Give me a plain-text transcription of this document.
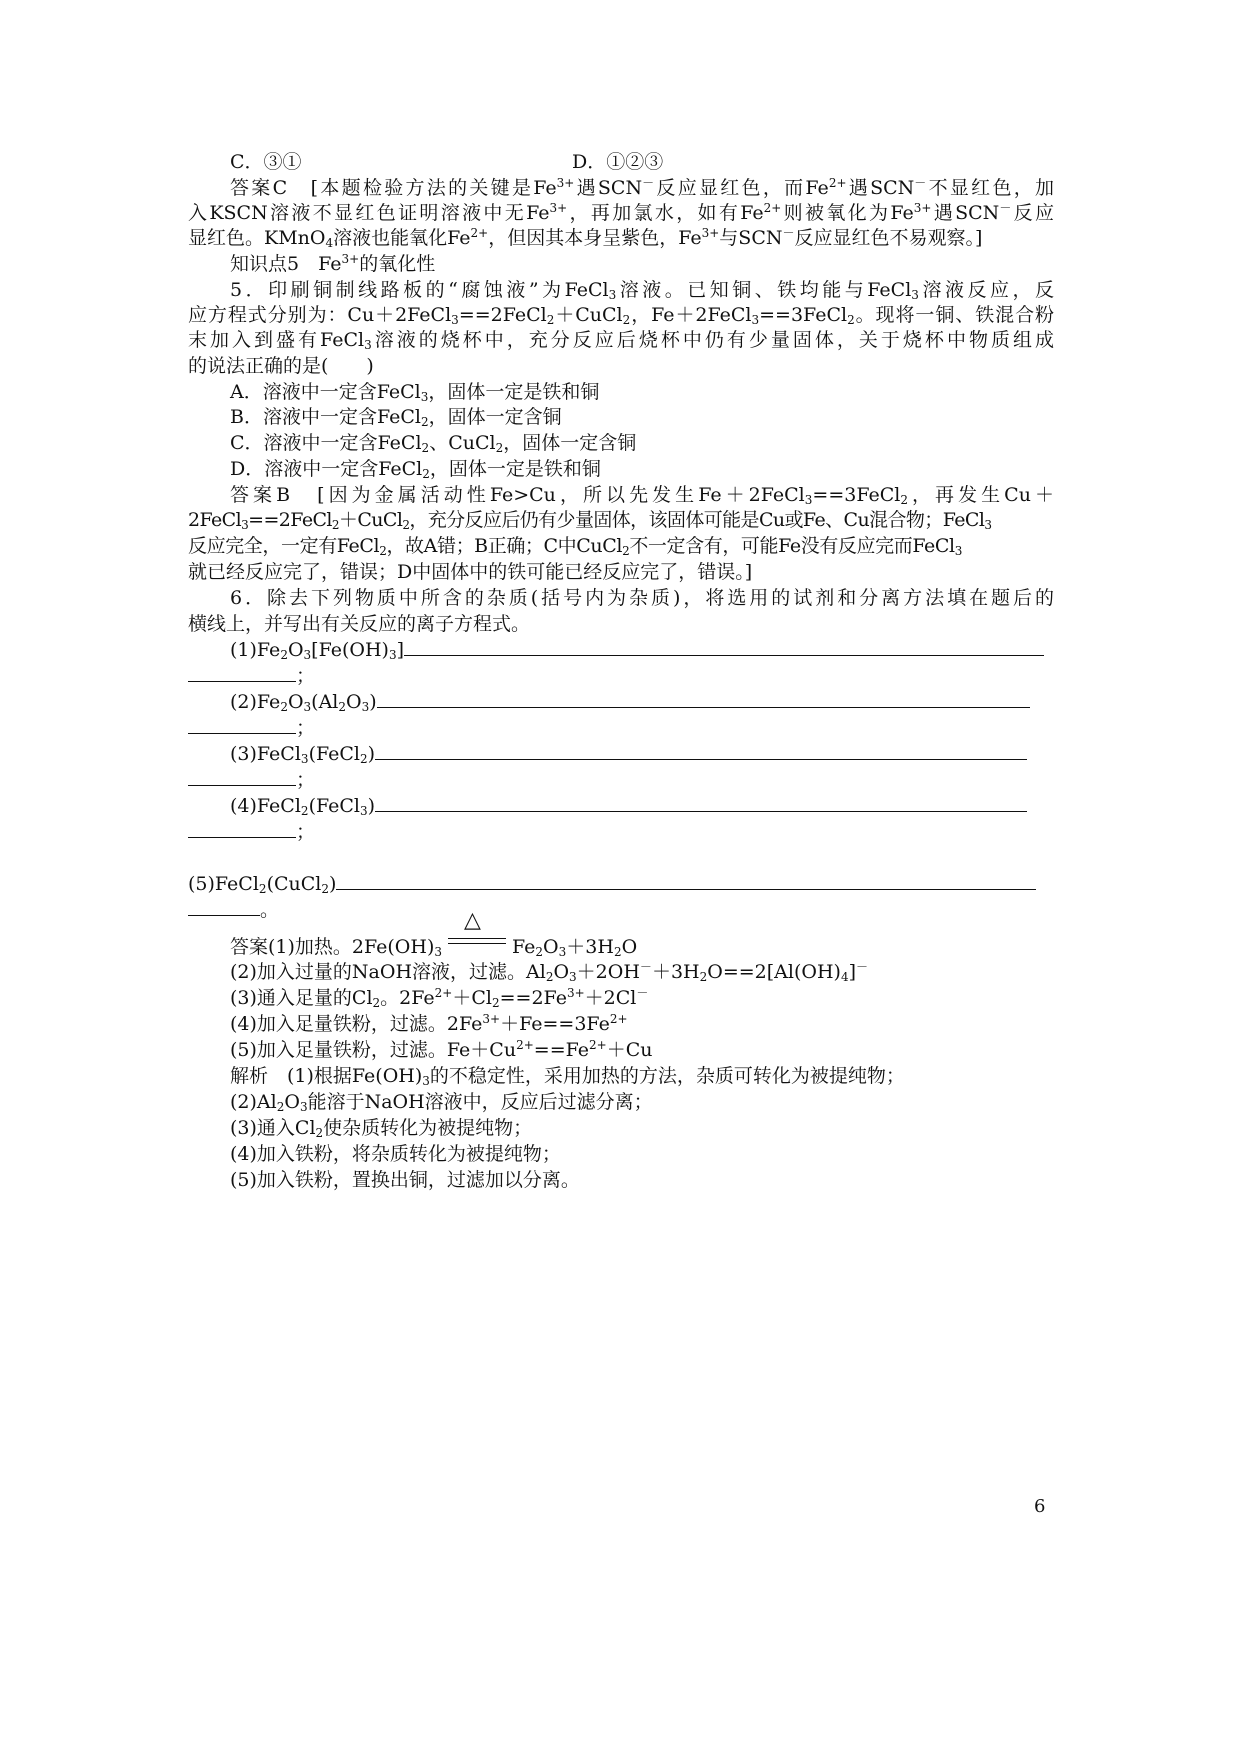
C．③①	D．①②③
答案C　[本题检验方法的关键是$Fe^{3+}$遇SCN－反应显红色，而$Fe^{2+}$遇SCN－不显红色，加
入KSCN溶液不显红色证明溶液中无$Fe^{3+}$，再加氯水，如有$Fe^{2+}$则被氧化为$Fe^{3+}$遇SCN－反应
显红色。KMnO$_4$溶液也能氧化$Fe^{2+}$，但因其本身呈紫色，$Fe^{3+}$与SCN－反应显红色不易观察。]
知识点5　$Fe^{3+}$的氧化性
5．印刷铜制线路板的“腐蚀液”为FeCl$_3$溶液。已知铜、铁均能与FeCl$_3$溶液反应，反
应方程式分别为：Cu＋2FeCl$_3$==2FeCl$_2$＋CuCl$_2$，Fe＋2FeCl$_3$==3FeCl$_2$。现将一铜、铁混合粉
末加入到盛有FeCl$_3$溶液的烧杯中，充分反应后烧杯中仍有少量固体，关于烧杯中物质组成
的说法正确的是(　　)
A．溶液中一定含FeCl$_3$，固体一定是铁和铜
B．溶液中一定含FeCl$_2$，固体一定含铜
C．溶液中一定含FeCl$_2$、CuCl$_2$，固体一定含铜
D．溶液中一定含FeCl$_2$，固体一定是铁和铜
答案B　[因为金属活动性Fe>Cu，所以先发生Fe＋2FeCl$_3$==3FeCl$_2$，再发生Cu＋
2FeCl$_3$==2FeCl$_2$＋CuCl$_2$，充分反应后仍有少量固体，该固体可能是Cu或Fe、Cu混合物；FeCl$_3$
反应完全，一定有FeCl$_2$，故A错；B正确；C中CuCl$_2$不一定含有，可能Fe没有反应完而FeCl$_3$
就已经反应完了，错误；D中固体中的铁可能已经反应完了，错误。]
6．除去下列物质中所含的杂质(括号内为杂质)，将选用的试剂和分离方法填在题后的
横线上，并写出有关反应的离子方程式。
$(1)Fe_2O_3[Fe(OH)_3]$
；
$(2)Fe_2O_3(Al_2O_3)$
；
(3)FeCl$_3$(FeCl$_2$)
；
(4)FeCl$_2$(FeCl$_3$)
；
(5)FeCl$_2$(CuCl$_2$)
。
答案(1)加热。$2Fe(OH)_3$
△
$Fe_2O_3+3H_2O$
(2)加入过量的NaOH溶液，过滤。$Al_2O_3+2OH^-+3H_2O==2[Al(OH)_4]^-$
(3)通入足量的$Cl_2$。$2Fe^{2+}+Cl_2==2Fe^{3+}+2Cl^-$
(4)加入足量铁粉，过滤。$2Fe^{3+}+Fe==3Fe^{2+}$
(5)加入足量铁粉，过滤。$Fe+Cu^{2+}==Fe^{2+}+Cu$
解析　(1)根据$Fe(OH)_3$的不稳定性，采用加热的方法，杂质可转化为被提纯物；
$(2)Al_2O_3$能溶于NaOH溶液中，反应后过滤分离；
(3)通入$Cl_2$使杂质转化为被提纯物；
(4)加入铁粉，将杂质转化为被提纯物；
(5)加入铁粉，置换出铜，过滤加以分离。
6
